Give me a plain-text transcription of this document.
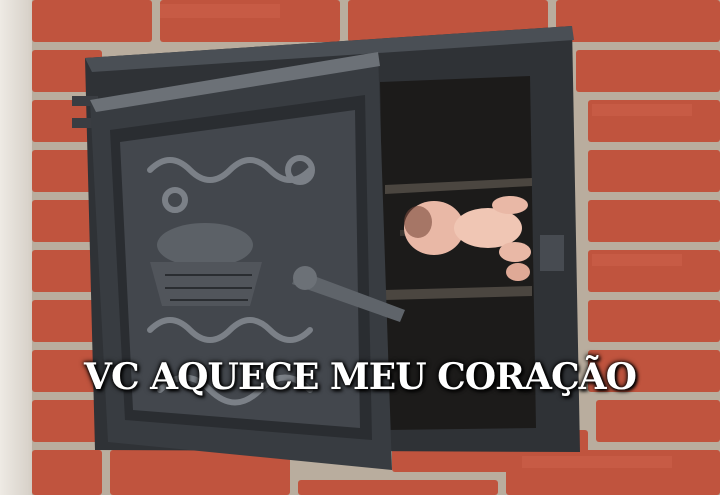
VC AQUECE MEU CORAÇÃO
